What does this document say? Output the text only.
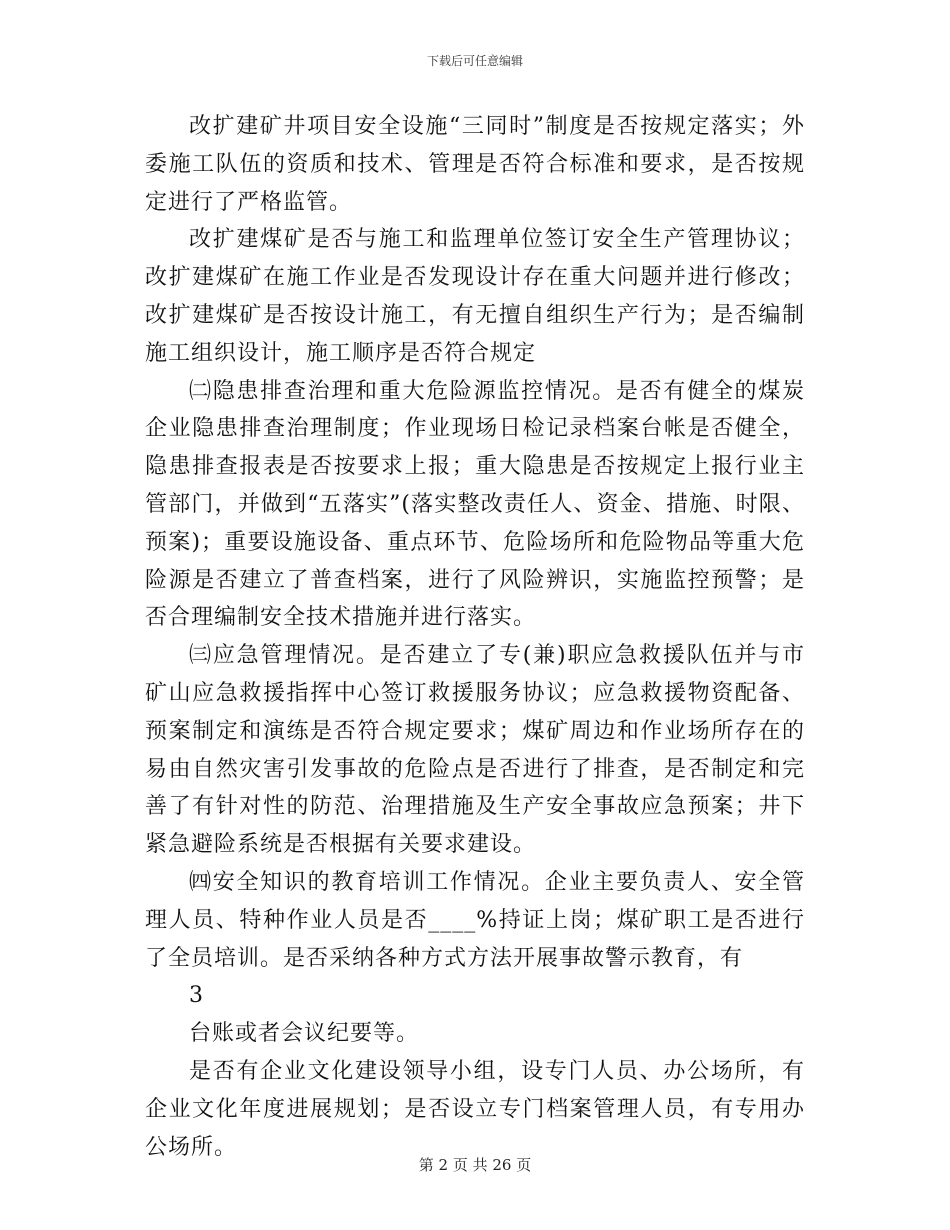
下载后可任意编辑

改扩建矿井项目安全设施“三同时”制度是否按规定落实；外委施工队伍的资质和技术、管理是否符合标准和要求，是否按规定进行了严格监管。

改扩建煤矿是否与施工和监理单位签订安全生产管理协议；改扩建煤矿在施工作业是否发现设计存在重大问题并进行修改；改扩建煤矿是否按设计施工，有无擅自组织生产行为；是否编制施工组织设计，施工顺序是否符合规定

㈡隐患排查治理和重大危险源监控情况。是否有健全的煤炭企业隐患排查治理制度；作业现场日检记录档案台帐是否健全，隐患排查报表是否按要求上报；重大隐患是否按规定上报行业主管部门，并做到“五落实”(落实整改责任人、资金、措施、时限、预案)；重要设施设备、重点环节、危险场所和危险物品等重大危险源是否建立了普查档案，进行了风险辨识，实施监控预警；是否合理编制安全技术措施并进行落实。

㈢应急管理情况。是否建立了专(兼)职应急救援队伍并与市矿山应急救援指挥中心签订救援服务协议；应急救援物资配备、预案制定和演练是否符合规定要求；煤矿周边和作业场所存在的易由自然灾害引发事故的危险点是否进行了排查，是否制定和完善了有针对性的防范、治理措施及生产安全事故应急预案；井下紧急避险系统是否根据有关要求建设。

㈣安全知识的教育培训工作情况。企业主要负责人、安全管理人员、特种作业人员是否____%持证上岗；煤矿职工是否进行了全员培训。是否采纳各种方式方法开展事故警示教育，有

3

台账或者会议纪要等。

是否有企业文化建设领导小组，设专门人员、办公场所，有企业文化年度进展规划；是否设立专门档案管理人员，有专用办公场所。

第 2 页 共 26 页
